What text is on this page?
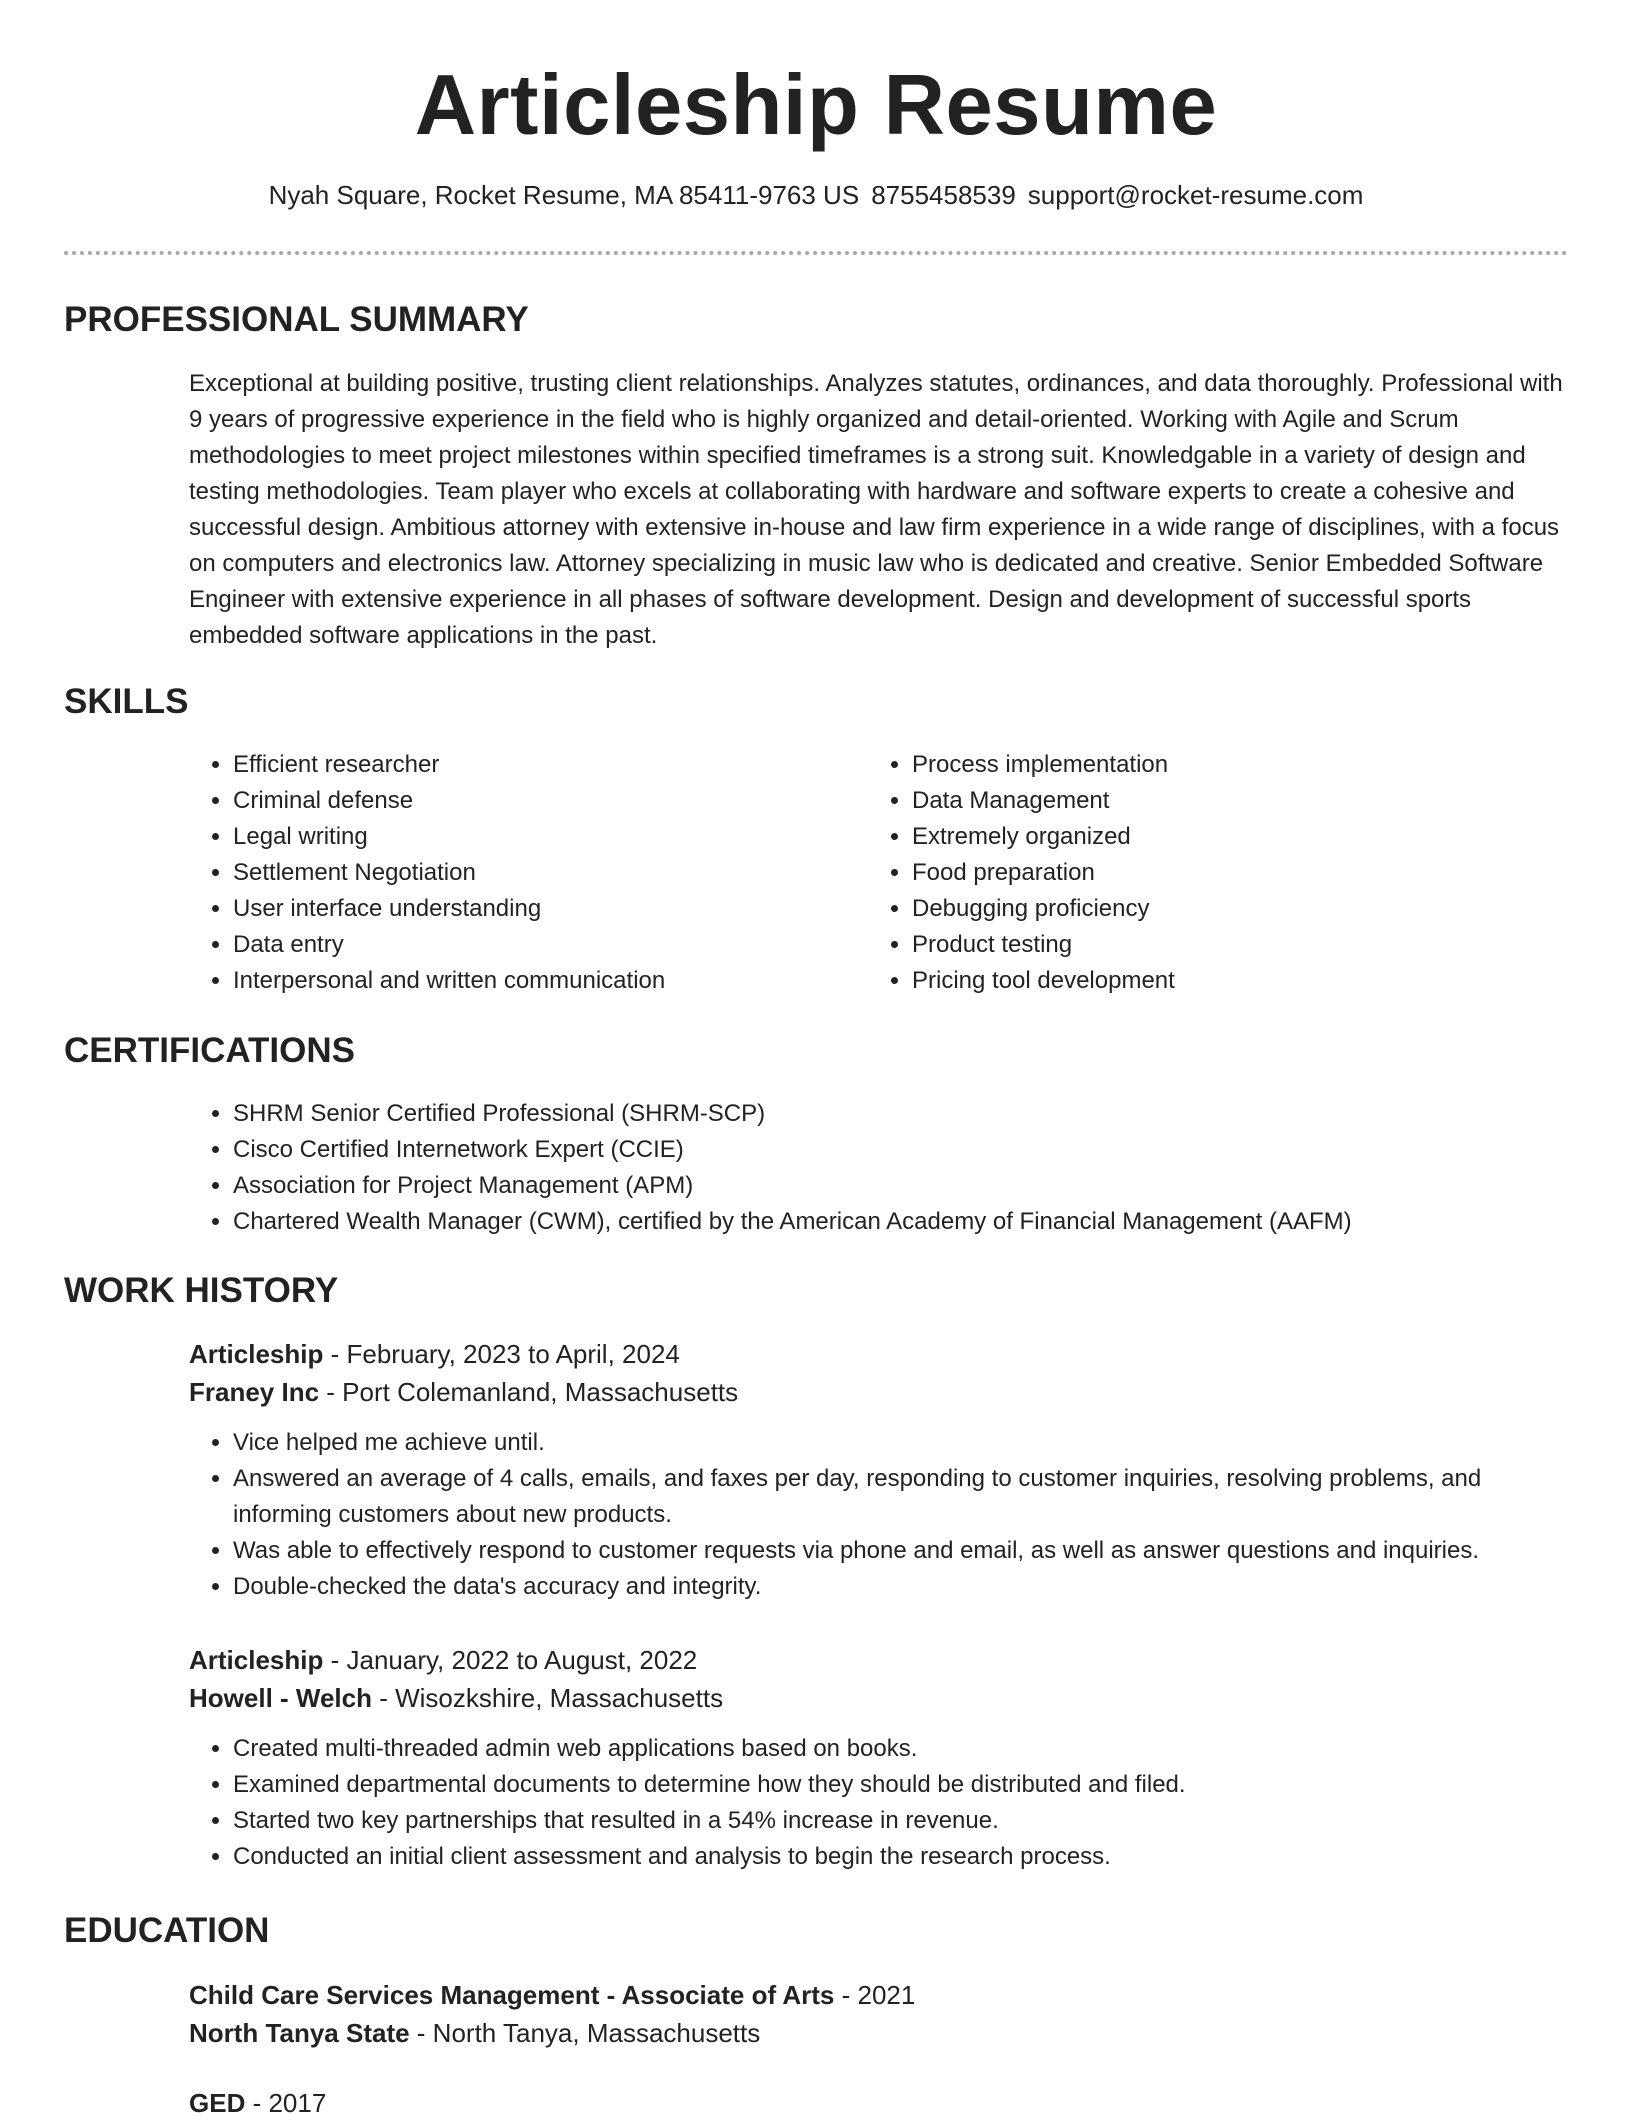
Articleship Resume
Nyah Square, Rocket Resume, MA 85411-9763 US 8755458539 support@rocket-resume.com
PROFESSIONAL SUMMARY
Exceptional at building positive, trusting client relationships. Analyzes statutes, ordinances, and data thoroughly. Professional with 9 years of progressive experience in the field who is highly organized and detail-oriented. Working with Agile and Scrum methodologies to meet project milestones within specified timeframes is a strong suit. Knowledgable in a variety of design and testing methodologies. Team player who excels at collaborating with hardware and software experts to create a cohesive and successful design. Ambitious attorney with extensive in-house and law firm experience in a wide range of disciplines, with a focus on computers and electronics law. Attorney specializing in music law who is dedicated and creative. Senior Embedded Software Engineer with extensive experience in all phases of software development. Design and development of successful sports embedded software applications in the past.
SKILLS
• Efficient researcher
• Criminal defense
• Legal writing
• Settlement Negotiation
• User interface understanding
• Data entry
• Interpersonal and written communication
• Process implementation
• Data Management
• Extremely organized
• Food preparation
• Debugging proficiency
• Product testing
• Pricing tool development
CERTIFICATIONS
• SHRM Senior Certified Professional (SHRM-SCP)
• Cisco Certified Internetwork Expert (CCIE)
• Association for Project Management (APM)
• Chartered Wealth Manager (CWM), certified by the American Academy of Financial Management (AAFM)
WORK HISTORY
Articleship - February, 2023 to April, 2024
Franey Inc - Port Colemanland, Massachusetts
• Vice helped me achieve until.
• Answered an average of 4 calls, emails, and faxes per day, responding to customer inquiries, resolving problems, and informing customers about new products.
• Was able to effectively respond to customer requests via phone and email, as well as answer questions and inquiries.
• Double-checked the data's accuracy and integrity.
Articleship - January, 2022 to August, 2022
Howell - Welch - Wisozkshire, Massachusetts
• Created multi-threaded admin web applications based on books.
• Examined departmental documents to determine how they should be distributed and filed.
• Started two key partnerships that resulted in a 54% increase in revenue.
• Conducted an initial client assessment and analysis to begin the research process.
EDUCATION
Child Care Services Management - Associate of Arts - 2021
North Tanya State - North Tanya, Massachusetts
GED - 2017
